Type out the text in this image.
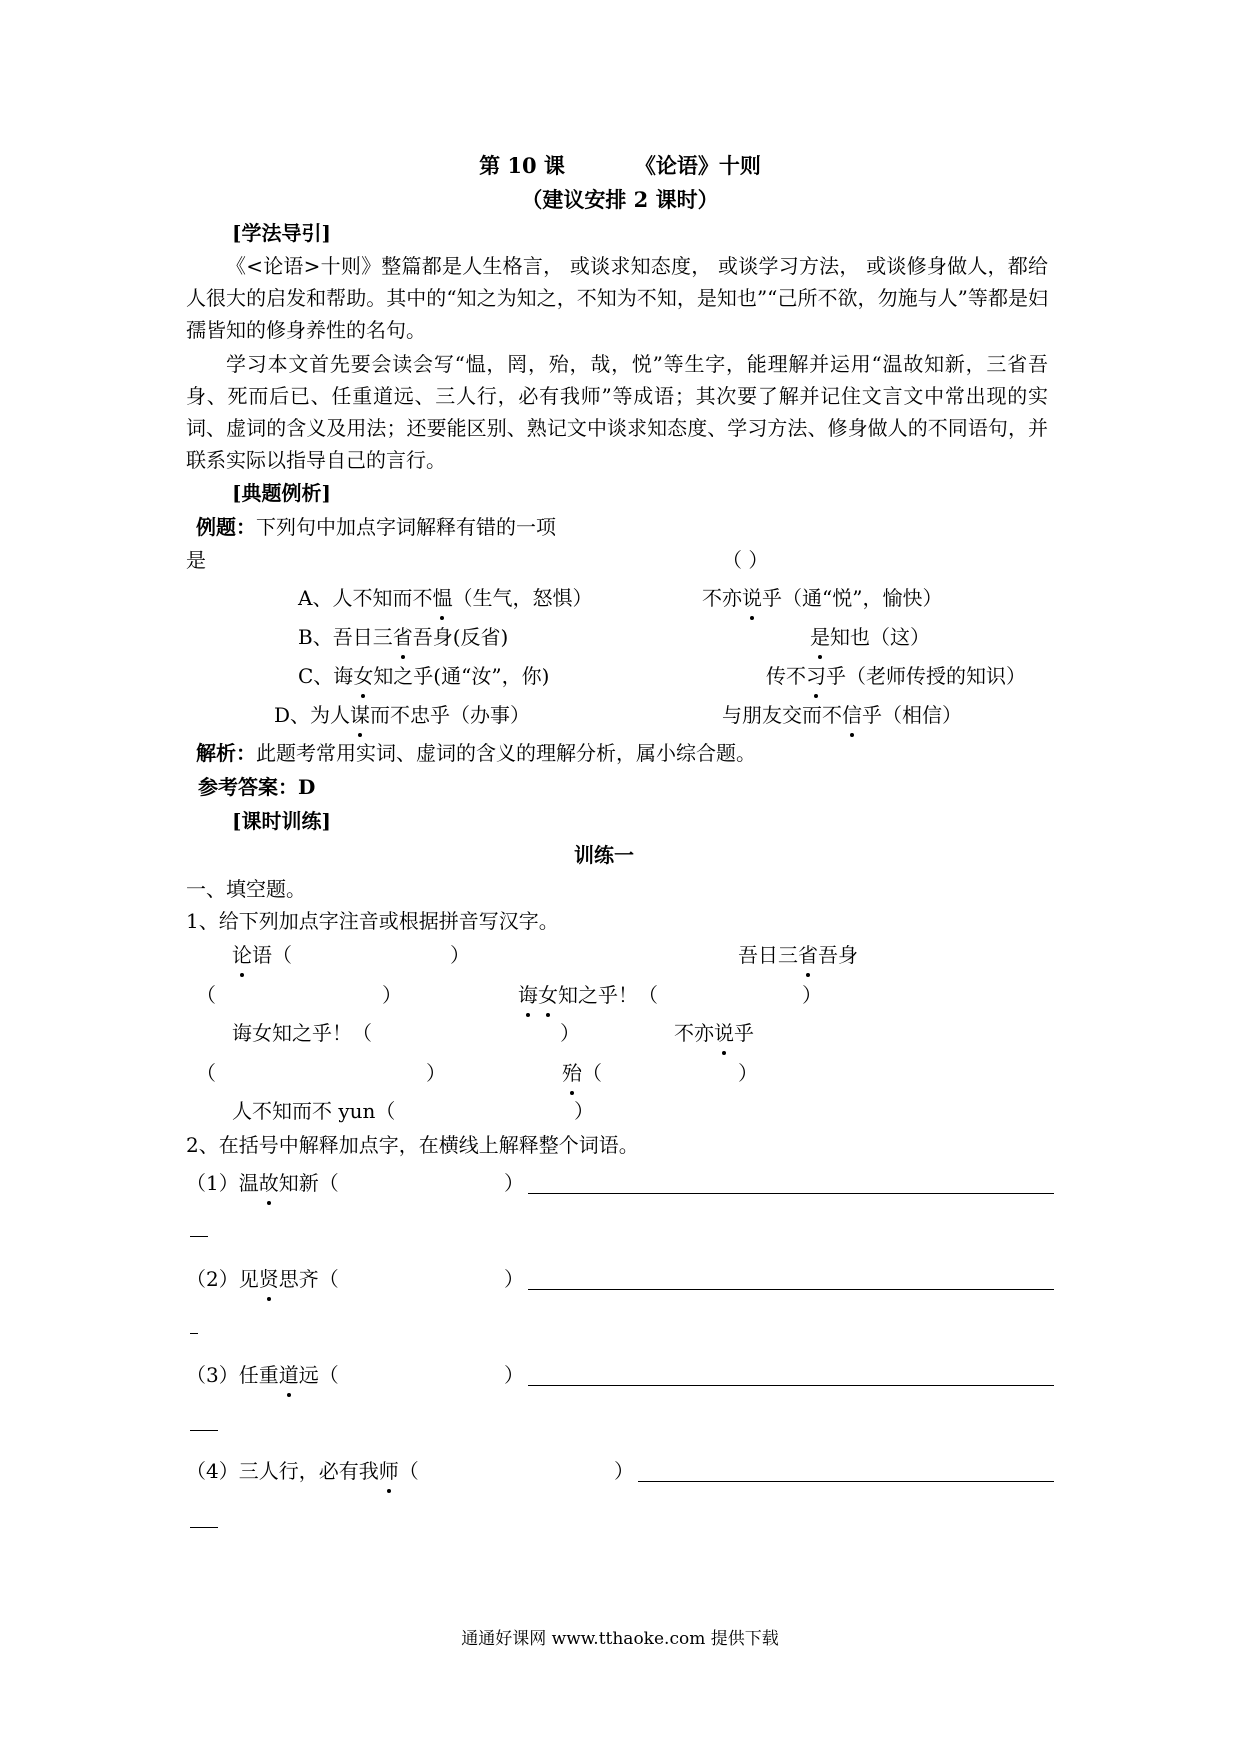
第 10 课	《论语》十则
（建议安排 2 课时）
[学法导引]
《<论语>十则》整篇都是人生格言， 或谈求知态度， 或谈学习方法， 或谈修身做人，都给人很大的启发和帮助。其中的“知之为知之，不知为不知，是知也”“己所不欲，勿施与人”等都是妇孺皆知的修身养性的名句。
学习本文首先要会读会写“愠，罔，殆，哉，悦”等生字，能理解并运用“温故知新，三省吾身、死而后已、任重道远、三人行，必有我师”等成语；其次要了解并记住文言文中常出现的实词、虚词的含义及用法；还要能区别、熟记文中谈求知态度、学习方法、修身做人的不同语句，并联系实际以指导自己的言行。
[典题例析]
例题：下列句中加点字词解释有错的一项
是	（ ）
A、人不知而不愠（生气，怒惧）	不亦说乎（通“悦”，愉快）
B、吾日三省吾身(反省)	是知也（这）
C、诲女知之乎(通“汝”，你)	传不习乎（老师传授的知识）
D、为人谋而不忠乎（办事）	与朋友交而不信乎（相信）
解析：此题考常用实词、虚词的含义的理解分析，属小综合题。
参考答案：D
[课时训练]
训练一
一、填空题。
1、给下列加点字注音或根据拼音写汉字。
论语（	）	吾日三省吾身
（	）	诲女知之乎！（	）
诲女知之乎！（	）	不亦说乎
（	）	殆（	）
人不知而不 yun（	）
2、在括号中解释加点字，在横线上解释整个词语。
（1）温故知新（	）
（2）见贤思齐（	）
（3）任重道远（	）
（4）三人行，必有我师（	）
通通好课网 www.tthaoke.com 提供下载
